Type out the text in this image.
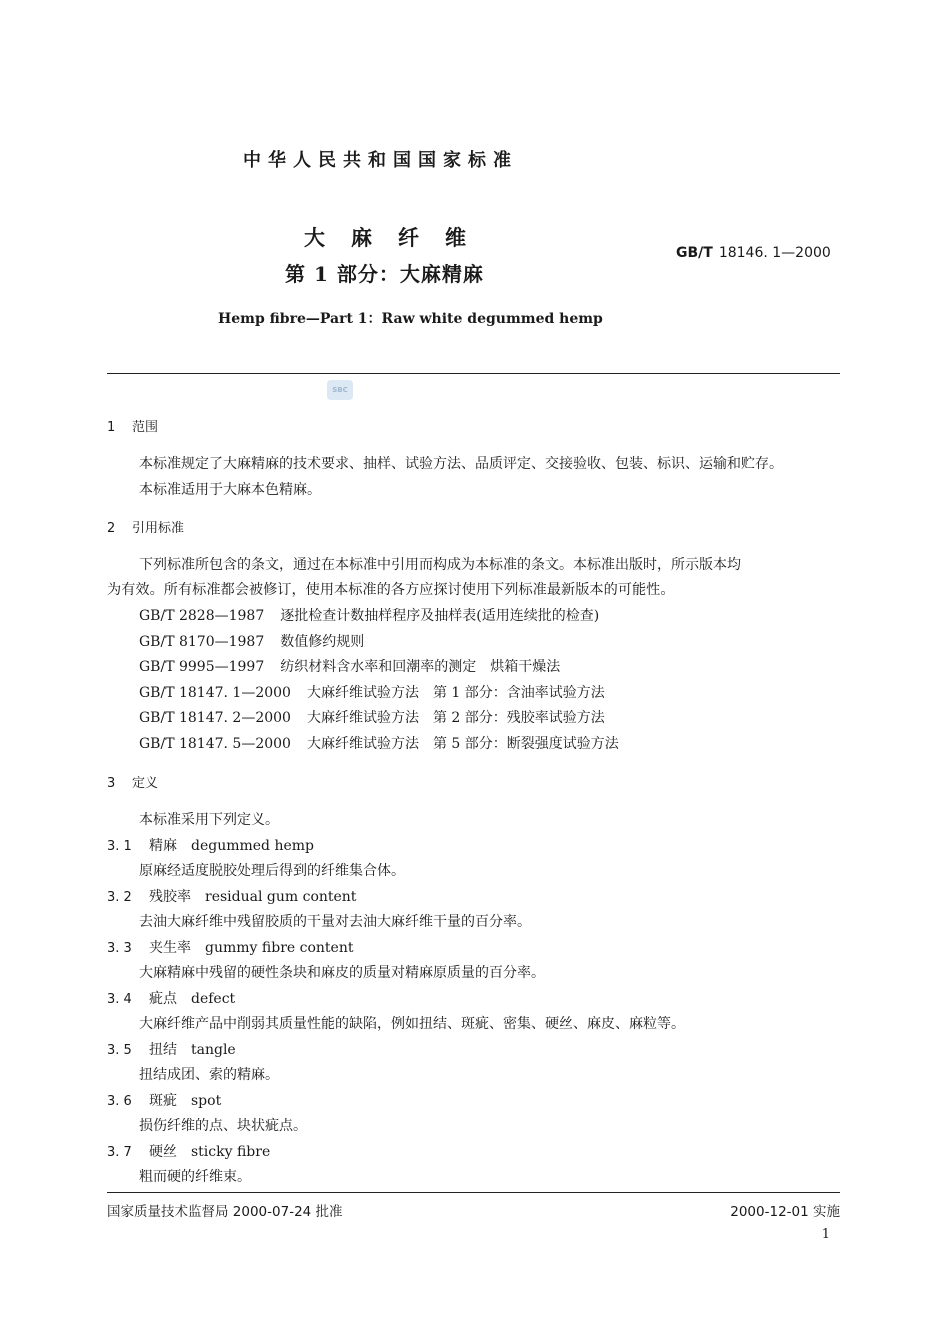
中华人民共和国国家标准
大麻纤维
第 1 部分：大麻精麻
GB/T 18146. 1—2000
Hemp fibre—Part 1：Raw white degummed hemp
SBC
1 范围
本标准规定了大麻精麻的技术要求、抽样、试验方法、品质评定、交接验收、包装、标识、运输和贮存。
本标准适用于大麻本色精麻。
2 引用标准
下列标准所包含的条文，通过在本标准中引用而构成为本标准的条文。本标准出版时，所示版本均
为有效。所有标准都会被修订，使用本标准的各方应探讨使用下列标准最新版本的可能性。
GB/T 2828—1987 逐批检查计数抽样程序及抽样表(适用连续批的检查)
GB/T 8170—1987 数值修约规则
GB/T 9995—1997 纺织材料含水率和回潮率的测定　烘箱干燥法
GB/T 18147. 1—2000 大麻纤维试验方法　第 1 部分：含油率试验方法
GB/T 18147. 2—2000 大麻纤维试验方法　第 2 部分：残胶率试验方法
GB/T 18147. 5—2000 大麻纤维试验方法　第 5 部分：断裂强度试验方法
3 定义
本标准采用下列定义。
3. 1 精麻 degummed hemp
原麻经适度脱胶处理后得到的纤维集合体。
3. 2 残胶率 residual gum content
去油大麻纤维中残留胶质的干量对去油大麻纤维干量的百分率。
3. 3 夹生率 gummy fibre content
大麻精麻中残留的硬性条块和麻皮的质量对精麻原质量的百分率。
3. 4 疵点 defect
大麻纤维产品中削弱其质量性能的缺陷，例如扭结、斑疵、密集、硬丝、麻皮、麻粒等。
3. 5 扭结 tangle
扭结成团、索的精麻。
3. 6 斑疵 spot
损伤纤维的点、块状疵点。
3. 7 硬丝 sticky fibre
粗而硬的纤维束。
国家质量技术监督局 2000-07-24 批准	2000-12-01 实施
1
